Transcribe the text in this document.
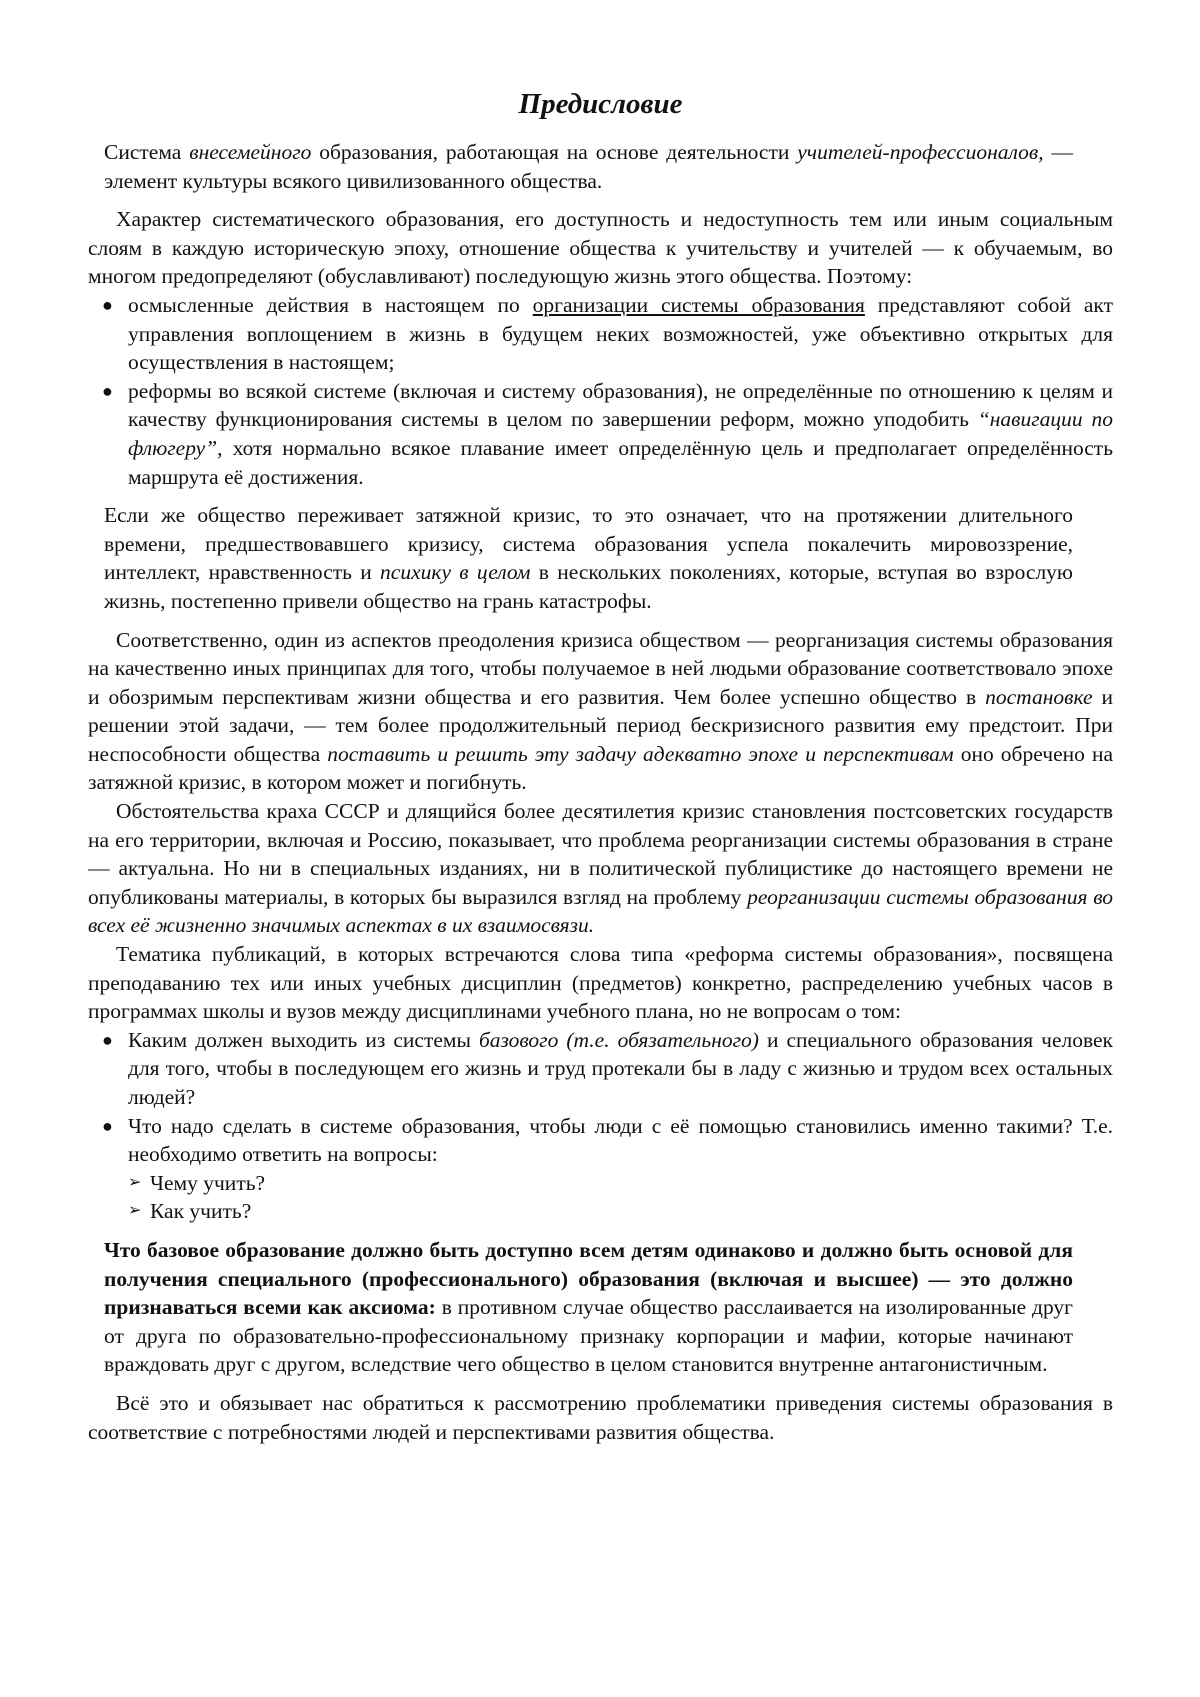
Предисловие

Система внесемейного образования, работающая на основе деятельности учителей-профессионалов, — элемент культуры всякого цивилизованного общества.

Характер систематического образования, его доступность и недоступность тем или иным социальным слоям в каждую историческую эпоху, отношение общества к учительству и учителей — к обучаемым, во многом предопределяют (обуславливают) последующую жизнь этого общества. Поэтому:

● осмысленные действия в настоящем по организации системы образования представляют собой акт управления воплощением в жизнь в будущем неких возможностей, уже объективно открытых для осуществления в настоящем;
● реформы во всякой системе (включая и систему образования), не определённые по отношению к целям и качеству функционирования системы в целом по завершении реформ, можно уподобить “навигации по флюгеру”, хотя нормально всякое плавание имеет определённую цель и предполагает определённость маршрута её достижения.

Если же общество переживает затяжной кризис, то это означает, что на протяжении длительного времени, предшествовавшего кризису, система образования успела покалечить мировоззрение, интеллект, нравственность и психику в целом в нескольких поколениях, которые, вступая во взрослую жизнь, постепенно привели общество на грань катастрофы.

Соответственно, один из аспектов преодоления кризиса обществом — реорганизация системы образования на качественно иных принципах для того, чтобы получаемое в ней людьми образование соответствовало эпохе и обозримым перспективам жизни общества и его развития. Чем более успешно общество в постановке и решении этой задачи, — тем более продолжительный период бескризисного развития ему предстоит. При неспособности общества поставить и решить эту задачу адекватно эпохе и перспективам оно обречено на затяжной кризис, в котором может и погибнуть.

Обстоятельства краха СССР и длящийся более десятилетия кризис становления постсоветских государств на его территории, включая и Россию, показывает, что проблема реорганизации системы образования в стране — актуальна. Но ни в специальных изданиях, ни в политической публицистике до настоящего времени не опубликованы материалы, в которых бы выразился взгляд на проблему реорганизации системы образования во всех её жизненно значимых аспектах в их взаимосвязи.

Тематика публикаций, в которых встречаются слова типа «реформа системы образования», посвящена преподаванию тех или иных учебных дисциплин (предметов) конкретно, распределению учебных часов в программах школы и вузов между дисциплинами учебного плана, но не вопросам о том:

● Каким должен выходить из системы базового (т.е. обязательного) и специального образования человек для того, чтобы в последующем его жизнь и труд протекали бы в ладу с жизнью и трудом всех остальных людей?
● Что надо сделать в системе образования, чтобы люди с её помощью становились именно такими? Т.е. необходимо ответить на вопросы:
➢ Чему учить?
➢ Как учить?

Что базовое образование должно быть доступно всем детям одинаково и должно быть основой для получения специального (профессионального) образования (включая и высшее) — это должно признаваться всеми как аксиома: в противном случае общество расслаивается на изолированные друг от друга по образовательно-профессиональному признаку корпорации и мафии, которые начинают враждовать друг с другом, вследствие чего общество в целом становится внутренне антагонистичным.

Всё это и обязывает нас обратиться к рассмотрению проблематики приведения системы образования в соответствие с потребностями людей и перспективами развития общества.
